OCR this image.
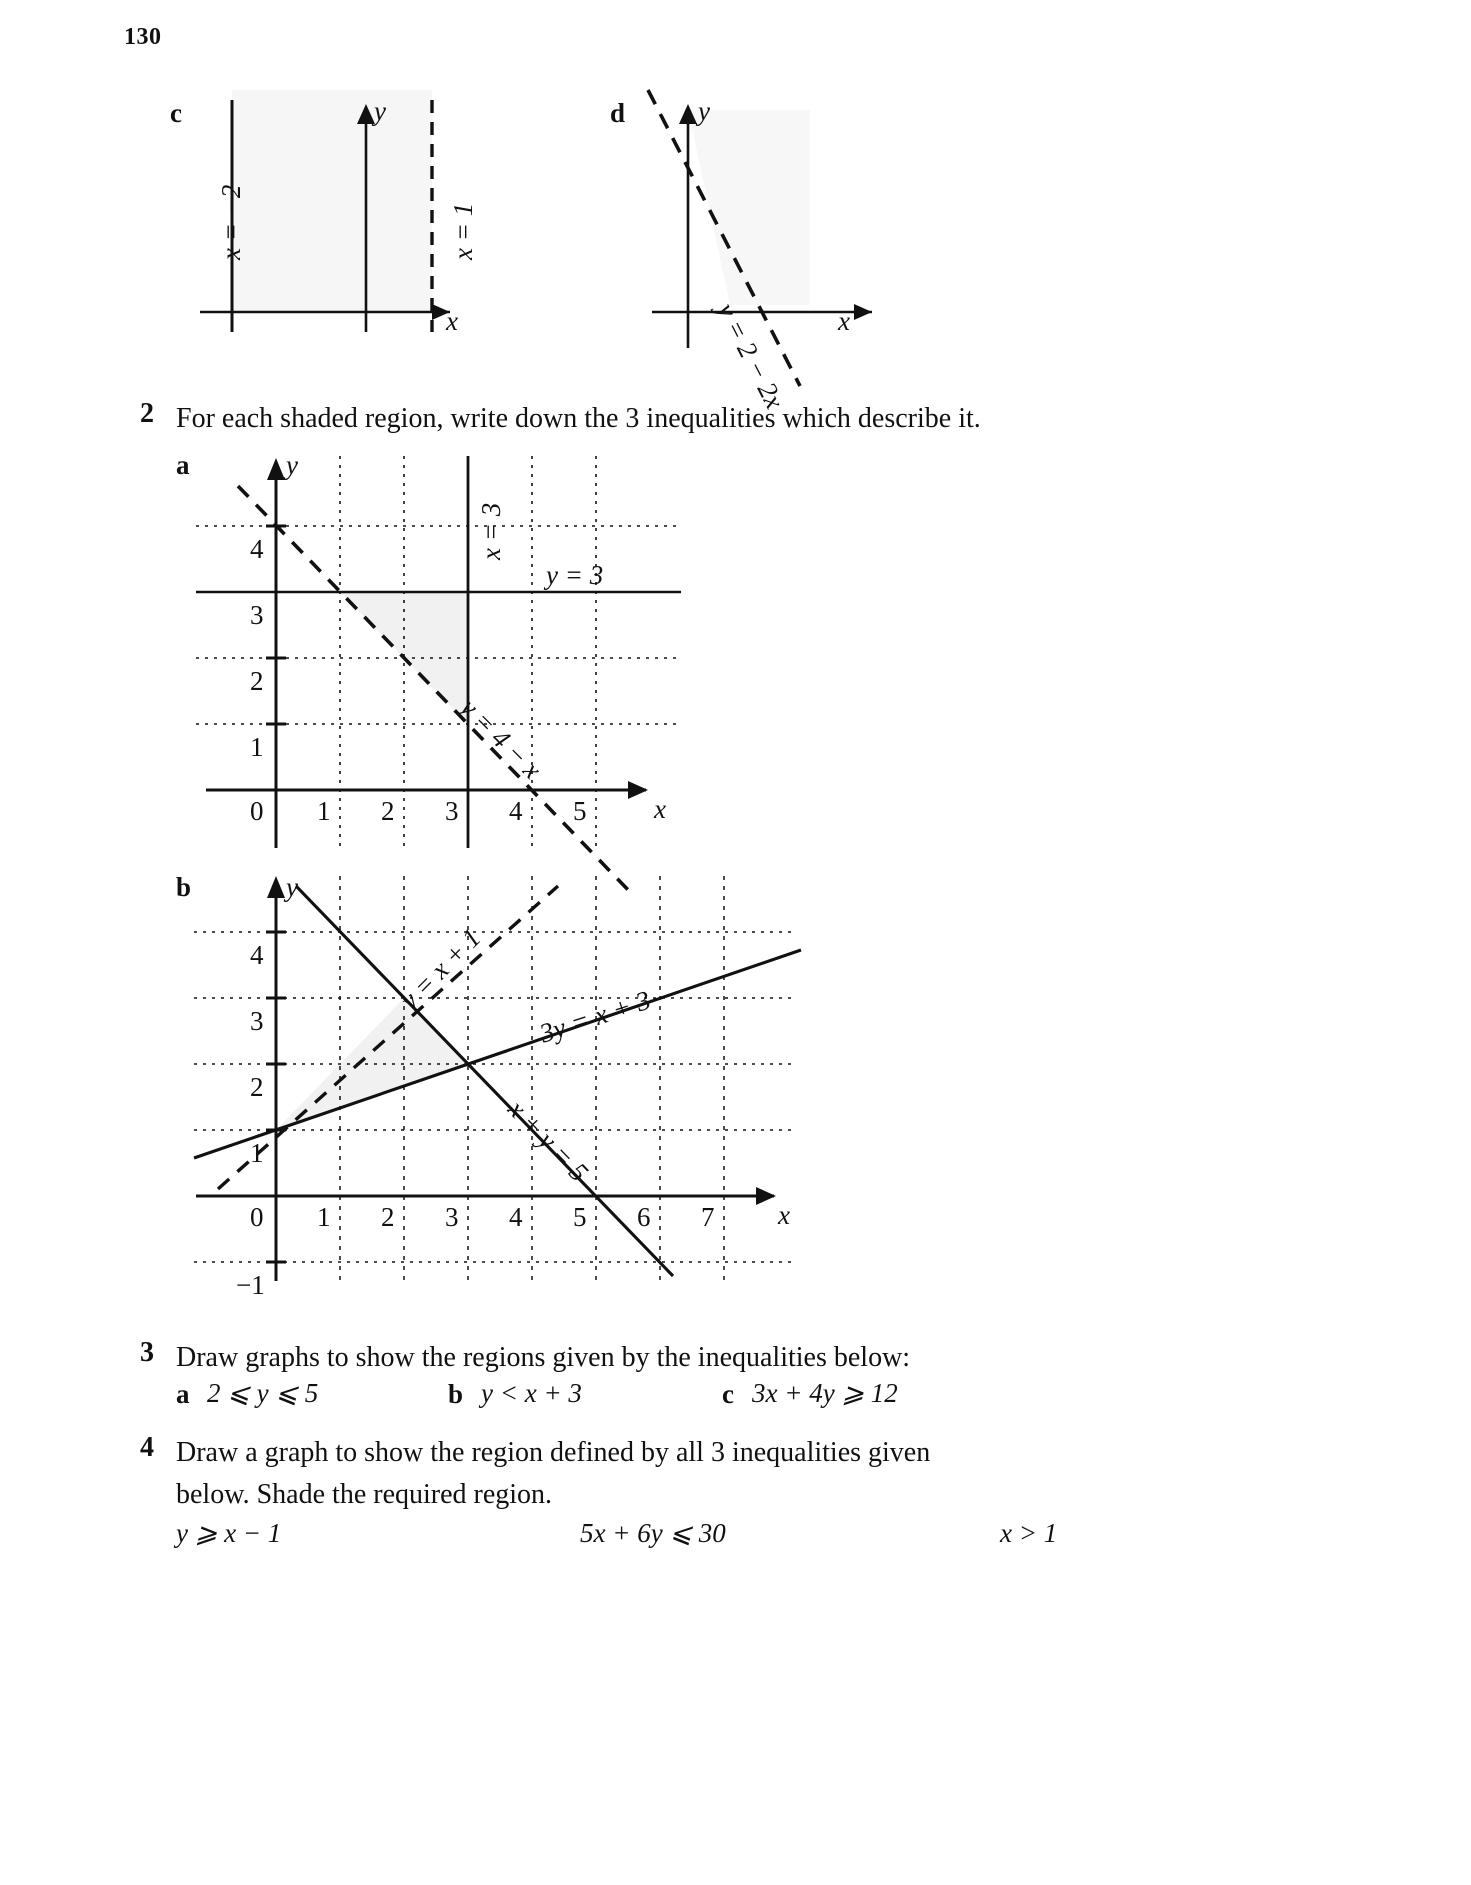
130
c
x = −2	x = 1
y
x
d	y
x
y = 2 − 2x
2 For each shaded region, write down the 3 inequalities which describe it.
a
4
3
2
1
0 1 2 3 4 5
y
x
x = 3
y = 3
y = 4 − x
b
4
3
2
1
−1
0 1 2 3 4 5 6 7
y
x
y = x + 1
3y = x + 3
x + y = 5
3 Draw graphs to show the regions given by the inequalities below:
a 2 ⩽ y ⩽ 5	b y < x + 3	c 3x + 4y ⩾ 12
4 Draw a graph to show the region defined by all 3 inequalities given
below. Shade the required region.
y ⩾ x − 1	5x + 6y ⩽ 30	x > 1
